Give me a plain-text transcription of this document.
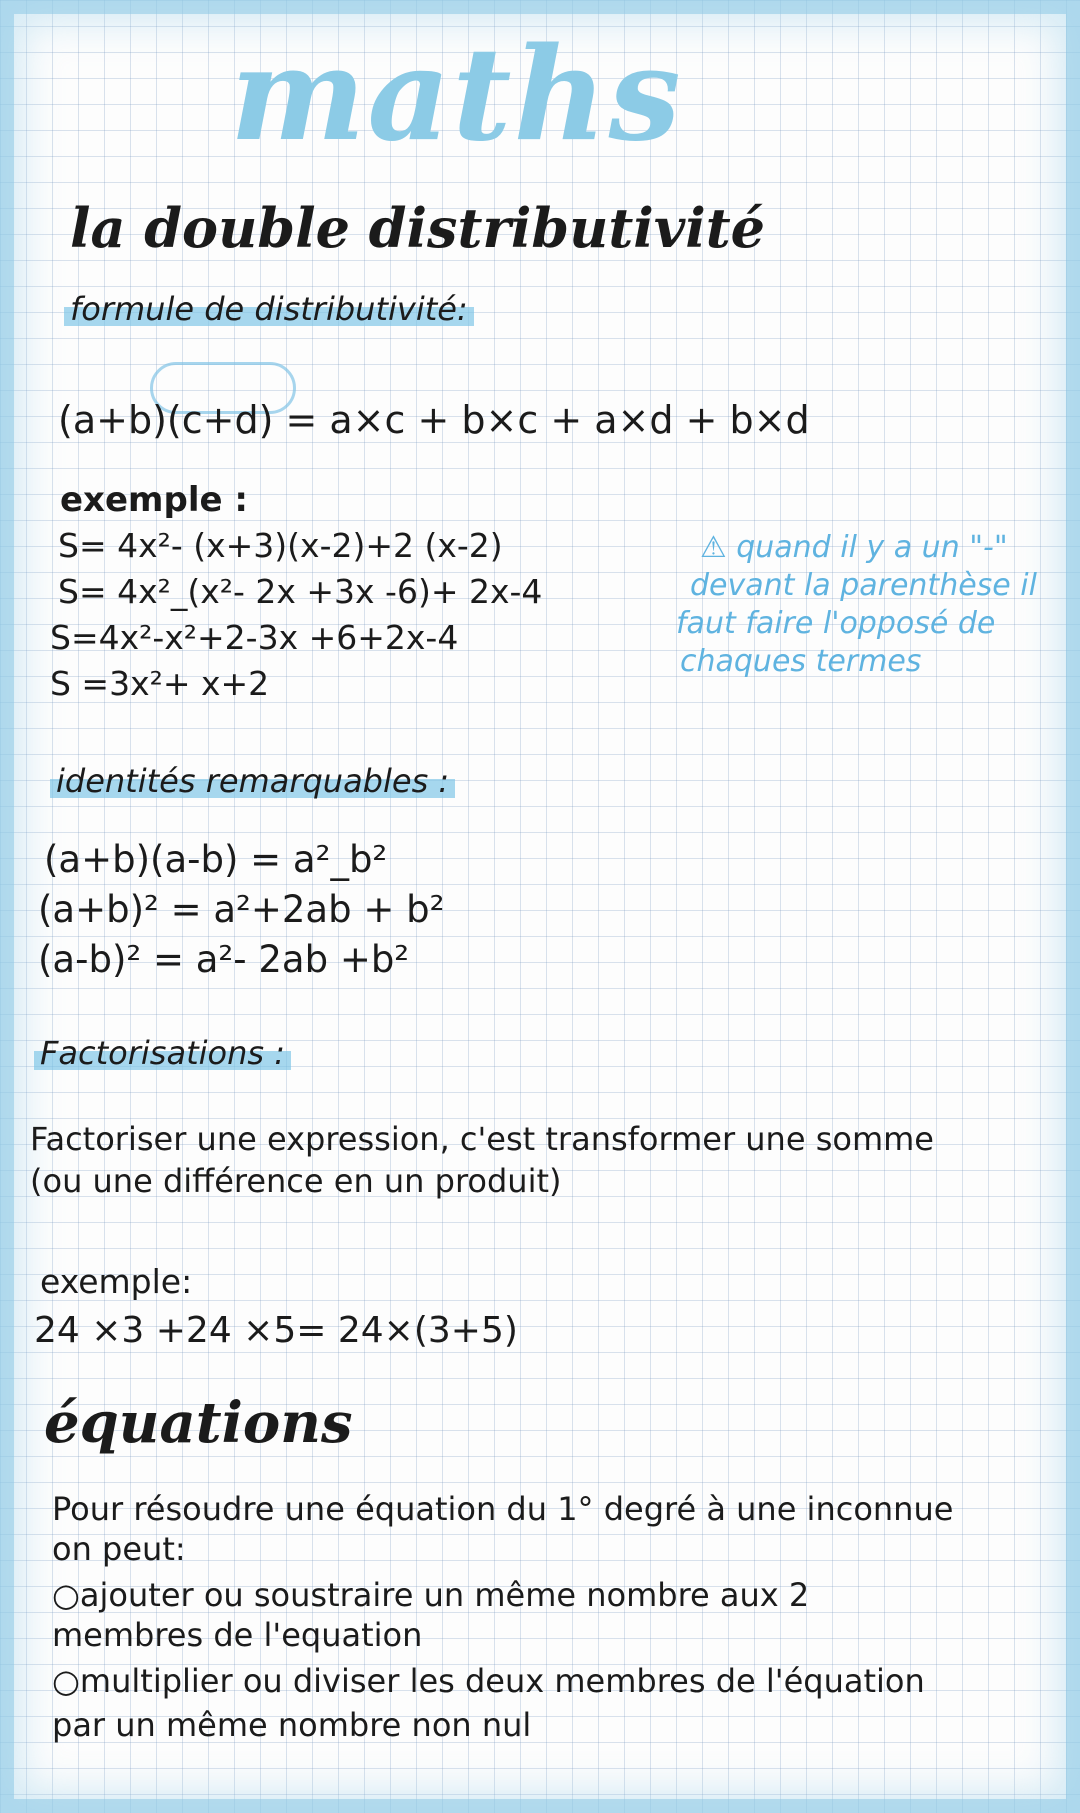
maths
la double distributivité
formule de distributivité:
(a+b)(c+d) = a×c + b×c + a×d + b×d
exemple :
S= 4x²- (x+3)(x-2)+2 (x-2)
S= 4x²_(x²- 2x +3x -6)+ 2x-4
S=4x²-x²+2-3x +6+2x-4
S =3x²+ x+2
⚠ quand il y a un "-"
devant la parenthèse il
faut faire l'opposé de
chaques termes
identités remarquables :
(a+b)(a-b) = a²_b²
(a+b)² = a²+2ab + b²
(a-b)² = a²- 2ab +b²
Factorisations :
Factoriser une expression, c'est transformer une somme
(ou une différence en un produit)
exemple:
24 ×3 +24 ×5= 24×(3+5)
équations
Pour résoudre une équation du 1° degré à une inconnue
on peut:
○ajouter ou soustraire un même nombre aux 2
membres de l'equation
○multiplier ou diviser les deux membres de l'équation
par un même nombre non nul
